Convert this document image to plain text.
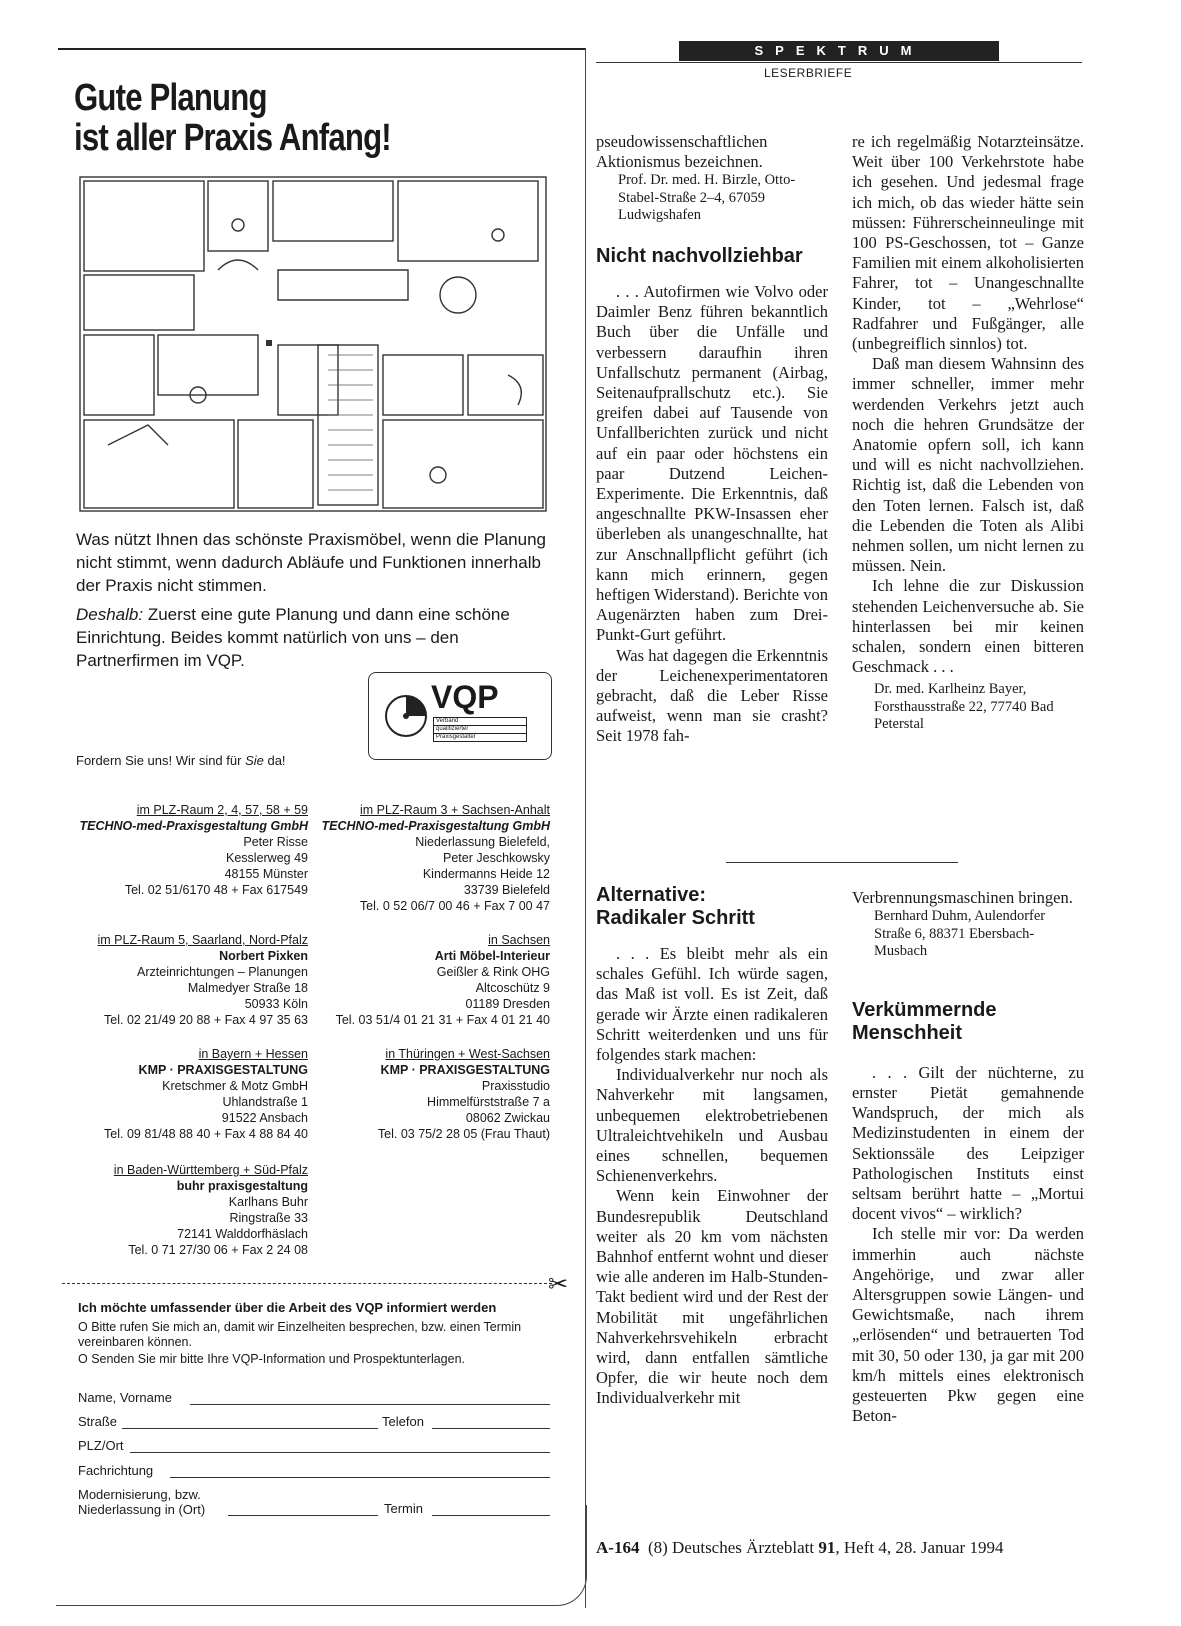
Gute Planung
ist aller Praxis Anfang!
Was nützt Ihnen das schönste Praxismöbel, wenn die Planung nicht stimmt, wenn dadurch Abläufe und Funktionen innerhalb der Praxis nicht stimmen.
Deshalb: Zuerst eine gute Planung und dann eine schöne Einrichtung. Beides kommt natürlich von uns – den Partnerfirmen im VQP.
VQP
Verband
qualifizierter
Praxisgestalter
Fordern Sie uns! Wir sind für Sie da!
im PLZ-Raum 2, 4, 57, 58 + 59
TECHNO-med-Praxisgestaltung GmbH
Peter Risse
Kesslerweg 49
48155 Münster
Tel. 02 51/6170 48 + Fax 617549
im PLZ-Raum 5, Saarland, Nord-Pfalz
Norbert Pixken
Arzteinrichtungen – Planungen
Malmedyer Straße 18
50933 Köln
Tel. 02 21/49 20 88 + Fax 4 97 35 63
in Bayern + Hessen
KMP · PRAXISGESTALTUNG
Kretschmer & Motz GmbH
Uhlandstraße 1
91522 Ansbach
Tel. 09 81/48 88 40 + Fax 4 88 84 40
in Baden-Württemberg + Süd-Pfalz
buhr praxisgestaltung
Karlhans Buhr
Ringstraße 33
72141 Walddorfhäslach
Tel. 0 71 27/30 06 + Fax 2 24 08
im PLZ-Raum 3 + Sachsen-Anhalt
TECHNO-med-Praxisgestaltung GmbH
Niederlassung Bielefeld,
Peter Jeschkowsky
Kindermanns Heide 12
33739 Bielefeld
Tel. 0 52 06/7 00 46 + Fax 7 00 47
in Sachsen
Arti Möbel-Interieur
Geißler & Rink OHG
Altcoschütz 9
01189 Dresden
Tel. 03 51/4 01 21 31 + Fax 4 01 21 40
in Thüringen + West-Sachsen
KMP · PRAXISGESTALTUNG
Praxisstudio
Himmelfürststraße 7 a
08062 Zwickau
Tel. 03 75/2 28 05 (Frau Thaut)
✂
Ich möchte umfassender über die Arbeit des VQP informiert werden
O Bitte rufen Sie mich an, damit wir Einzelheiten besprechen, bzw. einen Termin vereinbaren können.
O Senden Sie mir bitte Ihre VQP-Information und Prospektunterlagen.
Name, Vorname
Straße	Telefon
PLZ/Ort
Fachrichtung
Modernisierung, bzw.
Niederlassung in (Ort)	Termin
SPEKTRUM
LESERBRIEFE

pseudowissenschaftlichen Aktionismus bezeichnen.

Prof. Dr. med. H. Birzle, Otto-Stabel-Straße 2–4, 67059 Ludwigshafen
Nicht nachvollziehbar

. . . Autofirmen wie Volvo oder Daimler Benz führen bekanntlich Buch über die Unfälle und verbessern daraufhin ihren Unfallschutz permanent (Airbag, Seitenaufprallschutz etc.). Sie greifen dabei auf Tausende von Unfallberichten zurück und nicht auf ein paar oder höchstens ein paar Dutzend Leichen-Experimente. Die Erkenntnis, daß angeschnallte PKW-Insassen eher überleben als unangeschnallte, hat zur Anschnallpflicht geführt (ich kann mich erinnern, gegen heftigen Widerstand). Berichte von Augenärzten haben zum Drei-Punkt-Gurt geführt.

Was hat dagegen die Erkenntnis der Leichenexperimentatoren gebracht, daß die Leber Risse aufweist, wenn man sie crasht? Seit 1978 fah-

re ich regelmäßig Notarzteinsätze. Weit über 100 Verkehrstote habe ich gesehen. Und jedesmal frage ich mich, ob das wieder hätte sein müssen: Führerscheinneulinge mit 100 PS-Geschossen, tot – Ganze Familien mit einem alkoholisierten Fahrer, tot – Unangeschnallte Kinder, tot – „Wehrlose“ Radfahrer und Fußgänger, alle (unbegreiflich sinnlos) tot.

Daß man diesem Wahnsinn des immer schneller, immer mehr werdenden Verkehrs jetzt auch noch die hehren Grundsätze der Anatomie opfern soll, ich kann und will es nicht nachvollziehen. Richtig ist, daß die Lebenden von den Toten lernen. Falsch ist, daß die Lebenden die Toten als Alibi nehmen sollen, um nicht lernen zu müssen. Nein.

Ich lehne die zur Diskussion stehenden Leichenversuche ab. Sie hinterlassen bei mir keinen schalen, sondern einen bitteren Geschmack . . .

Dr. med. Karlheinz Bayer, Forsthausstraße 22, 77740 Bad Peterstal
Alternative:
Radikaler Schritt

. . . Es bleibt mehr als ein schales Gefühl. Ich würde sagen, das Maß ist voll. Es ist Zeit, daß gerade wir Ärzte einen radikaleren Schritt weiterdenken und uns für folgendes stark machen:

Individualverkehr nur noch als Nahverkehr mit langsamen, unbequemen elektrobetriebenen Ultraleichtvehikeln und Ausbau eines schnellen, bequemen Schienenverkehrs.

Wenn kein Einwohner der Bundesrepublik Deutschland weiter als 20 km vom nächsten Bahnhof entfernt wohnt und dieser wie alle anderen im Halb-Stunden-Takt bedient wird und der Rest der Mobilität mit ungefährlichen Nahverkehrsvehikeln erbracht wird, dann entfallen sämtliche Opfer, die wir heute noch dem Individualverkehr mit

Verbrennungsmaschinen bringen.

Bernhard Duhm, Aulendorfer Straße 6, 88371 Ebersbach-Musbach
Verkümmernde
Menschheit

. . . Gilt der nüchterne, zu ernster Pietät gemahnende Wandspruch, der mich als Medizinstudenten in einem der Sektionssäle des Leipziger Pathologischen Instituts einst seltsam berührt hatte – „Mortui docent vivos“ – wirklich?

Ich stelle mir vor: Da werden immerhin auch nächste Angehörige, und zwar aller Altersgruppen sowie Längen- und Gewichtsmaße, nach ihrem „erlösenden“ und betrauerten Tod mit 30, 50 oder 130, ja gar mit 200 km/h mittels eines elektronisch gesteuerten Pkw gegen eine Beton-

A-164 (8) Deutsches Ärzteblatt 91, Heft 4, 28. Januar 1994
